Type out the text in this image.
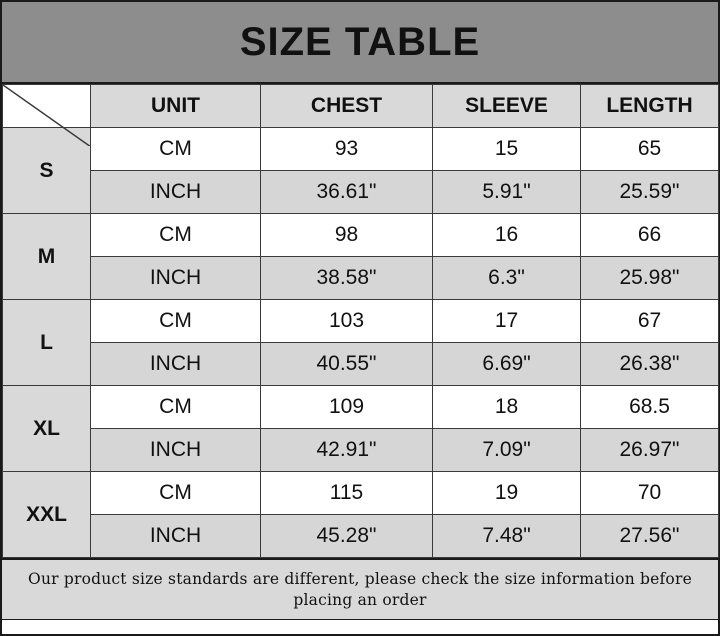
SIZE TABLE
	UNIT	CHEST	SLEEVE	LENGTH
S	CM	93	15	65
	INCH	36.61"	5.91"	25.59"
M	CM	98	16	66
	INCH	38.58"	6.3"	25.98"
L	CM	103	17	67
	INCH	40.55"	6.69"	26.38"
XL	CM	109	18	68.5
	INCH	42.91"	7.09"	26.97"
XXL	CM	115	19	70
	INCH	45.28"	7.48"	27.56"

Our product size standards are different, please check the size information before placing an order
